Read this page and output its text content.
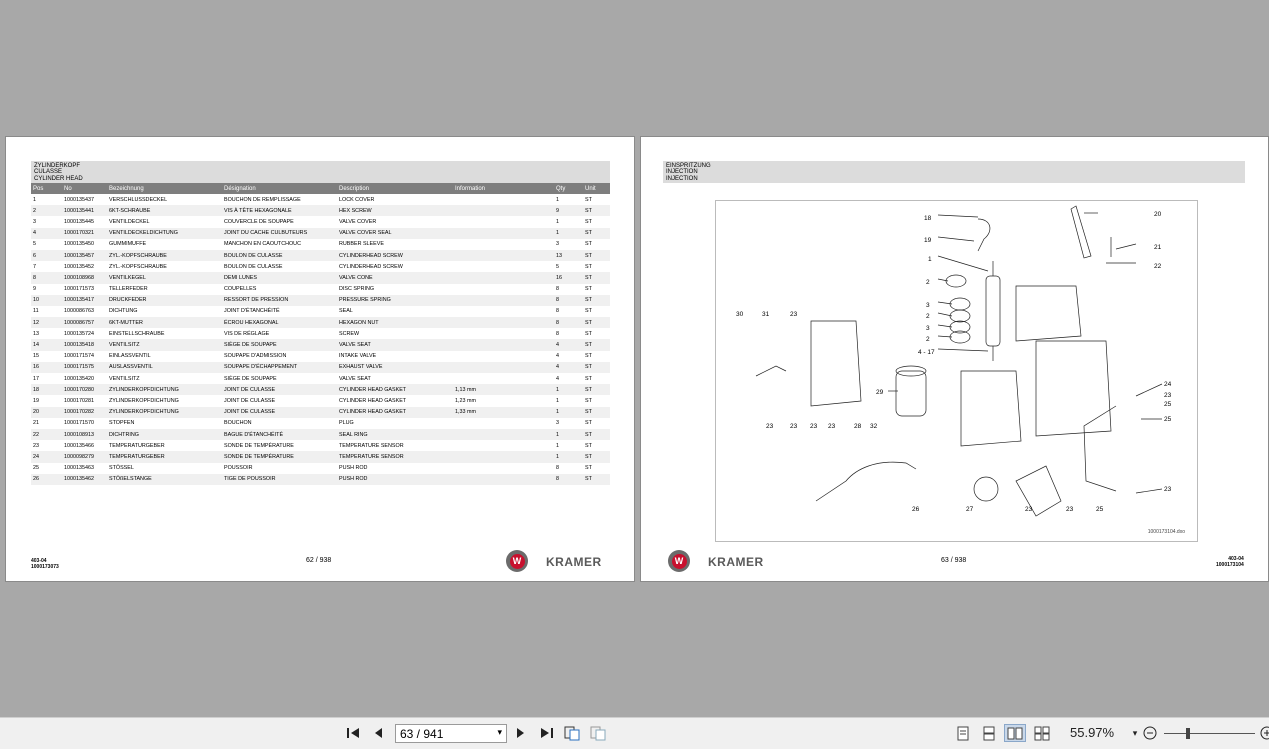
ZYLINDERKOPF
CULASSE
CYLINDER HEAD
Pos	No	Bezeichnung	Désignation	Description	Information	Qty	Unit
1	1000135437	VERSCHLUSSDECKEL	BOUCHON DE REMPLISSAGE	LOCK COVER		1	ST
2	1000135441	6KT-SCHRAUBE	VIS À TÊTE HEXAGONALE	HEX SCREW		9	ST
3	1000135445	VENTILDECKEL	COUVERCLE DE SOUPAPE	VALVE COVER		1	ST
4	1000170321	VENTILDECKELDICHTUNG	JOINT DU CACHE CULBUTEURS	VALVE COVER SEAL		1	ST
5	1000135450	GUMMIMUFFE	MANCHON EN CAOUTCHOUC	RUBBER SLEEVE		3	ST
6	1000135457	ZYL.-KOPFSCHRAUBE	BOULON DE CULASSE	CYLINDERHEAD SCREW		13	ST
7	1000135452	ZYL.-KOPFSCHRAUBE	BOULON DE CULASSE	CYLINDERHEAD SCREW		5	ST
8	1000108968	VENTILKEGEL	DEMI LUNES	VALVE CONE		16	ST
9	1000171573	TELLERFEDER	COUPELLES	DISC SPRING		8	ST
10	1000135417	DRUCKFEDER	RESSORT DE PRESSION	PRESSURE SPRING		8	ST
11	1000086763	DICHTUNG	JOINT D'ÉTANCHÉITÉ	SEAL		8	ST
12	1000086757	6KT-MUTTER	ÉCROU HEXAGONAL	HEXAGON NUT		8	ST
13	1000135724	EINSTELLSCHRAUBE	VIS DE RÉGLAGE	SCREW		8	ST
14	1000135418	VENTILSITZ	SIÈGE DE SOUPAPE	VALVE SEAT		4	ST
15	1000171574	EINLASSVENTIL	SOUPAPE D'ADMISSION	INTAKE VALVE		4	ST
16	1000171575	AUSLASSVENTIL	SOUPAPE D'ÉCHAPPEMENT	EXHAUST VALVE		4	ST
17	1000135420	VENTILSITZ	SIÈGE DE SOUPAPE	VALVE SEAT		4	ST
18	1000170280	ZYLINDERKOPFDICHTUNG	JOINT DE CULASSE	CYLINDER HEAD GASKET	1,13 mm	1	ST
19	1000170281	ZYLINDERKOPFDICHTUNG	JOINT DE CULASSE	CYLINDER HEAD GASKET	1,23 mm	1	ST
20	1000170282	ZYLINDERKOPFDICHTUNG	JOINT DE CULASSE	CYLINDER HEAD GASKET	1,33 mm	1	ST
21	1000171570	STOPFEN	BOUCHON	PLUG		3	ST
22	1000108913	DICHTRING	BAGUE D'ÉTANCHÉITÉ	SEAL RING		1	ST
23	1000135466	TEMPERATURGEBER	SONDE DE TEMPÉRATURE	TEMPERATURE SENSOR		1	ST
24	1000098279	TEMPERATURGEBER	SONDE DE TEMPÉRATURE	TEMPERATURE SENSOR		1	ST
25	1000135463	STÖSSEL	POUSSOIR	PUSH ROD		8	ST
26	1000135462	STÖßELSTANGE	TIGE DE POUSSOIR	PUSH ROD		8	ST
403-04
1000173073
62 / 938	W KRAMER
EINSPRITZUNG
INJECTION
INJECTION
18
19
20
21
22
1
2
3
2
3
2
4 - 17
29
30	31	23
23	23	23
24
23
25
25
23
23
28 32
26	27	23	23	25
1000173104.dxo
W KRAMER	63 / 938	403-04
1000173104
63 / 941	▾	55.97%	▾
